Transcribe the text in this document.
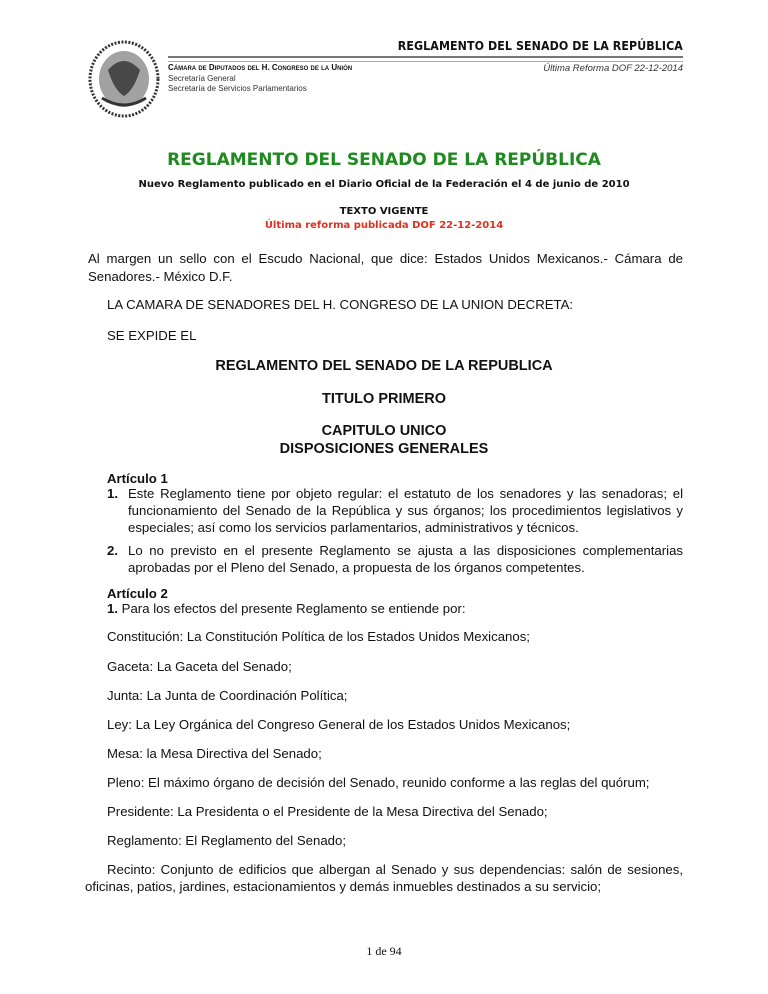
REGLAMENTO DEL SENADO DE LA REPÚBLICA
Cámara de Diputados del H. Congreso de la Unión
Secretaría General
Secretaría de Servicios Parlamentarios
Última Reforma DOF 22-12-2014
REGLAMENTO DEL SENADO DE LA REPÚBLICA
Nuevo Reglamento publicado en el Diario Oficial de la Federación el 4 de junio de 2010
TEXTO VIGENTE
Última reforma publicada DOF 22-12-2014
Al margen un sello con el Escudo Nacional, que dice: Estados Unidos Mexicanos.- Cámara de Senadores.- México D.F.
LA CAMARA DE SENADORES DEL H. CONGRESO DE LA UNION DECRETA:
SE EXPIDE EL
REGLAMENTO DEL SENADO DE LA REPUBLICA
TITULO PRIMERO
CAPITULO UNICO
DISPOSICIONES GENERALES
Artículo 1
1. Este Reglamento tiene por objeto regular: el estatuto de los senadores y las senadoras; el funcionamiento del Senado de la República y sus órganos; los procedimientos legislativos y especiales; así como los servicios parlamentarios, administrativos y técnicos.
2. Lo no previsto en el presente Reglamento se ajusta a las disposiciones complementarias aprobadas por el Pleno del Senado, a propuesta de los órganos competentes.
Artículo 2
1. Para los efectos del presente Reglamento se entiende por:
Constitución: La Constitución Política de los Estados Unidos Mexicanos;
Gaceta: La Gaceta del Senado;
Junta: La Junta de Coordinación Política;
Ley: La Ley Orgánica del Congreso General de los Estados Unidos Mexicanos;
Mesa: la Mesa Directiva del Senado;
Pleno: El máximo órgano de decisión del Senado, reunido conforme a las reglas del quórum;
Presidente: La Presidenta o el Presidente de la Mesa Directiva del Senado;
Reglamento: El Reglamento del Senado;
Recinto: Conjunto de edificios que albergan al Senado y sus dependencias: salón de sesiones, oficinas, patios, jardines, estacionamientos y demás inmuebles destinados a su servicio;
1 de 94
